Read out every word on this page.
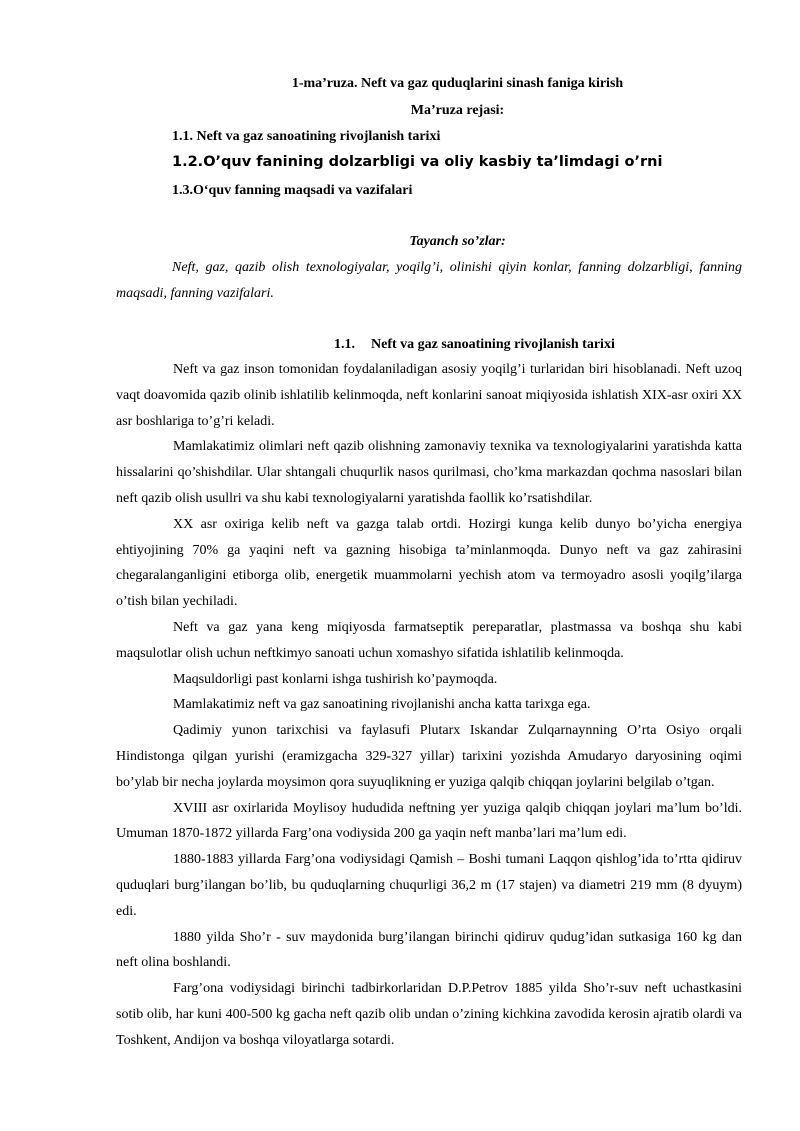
1-ma’ruza. Neft va gaz quduqlarini sinash faniga kirish
Ma’ruza rejasi:
1.1. Neft va gaz sanoatining rivojlanish tarixi
1.2.O’quv fanining dolzarbligi va oliy kasbiy ta’limdagi o’rni
1.3.O‘quv fanning maqsadi va vazifalari
Tayanch so’zlar:
Neft, gaz, qazib olish texnologiyalar, yoqilg’i, olinishi qiyin konlar, fanning dolzarbligi, fanning
maqsadi, fanning vazifalari.
1.1. Neft va gaz sanoatining rivojlanish tarixi

Neft va gaz inson tomonidan foydalaniladigan asosiy yoqilg’i turlaridan biri hisoblanadi. Neft uzoq vaqt doavomida qazib olinib ishlatilib kelinmoqda, neft konlarini sanoat miqiyosida ishlatish XIX-asr oxiri XX asr boshlariga to’g’ri keladi.

Mamlakatimiz olimlari neft qazib olishning zamonaviy texnika va texnologiyalarini yaratishda katta hissalarini qo’shishdilar. Ular shtangali chuqurlik nasos qurilmasi, cho’kma markazdan qochma nasoslari bilan neft qazib olish usullri va shu kabi texnologiyalarni yaratishda faollik ko’rsatishdilar.

XX asr oxiriga kelib neft va gazga talab ortdi. Hozirgi kunga kelib dunyo bo’yicha energiya ehtiyojining 70% ga yaqini neft va gazning hisobiga ta’minlanmoqda. Dunyo neft va gaz zahirasini chegaralanganligini etiborga olib, energetik muammolarni yechish atom va termoyadro asosli yoqilg’ilarga o’tish bilan yechiladi.

Neft va gaz yana keng miqiyosda farmatseptik pereparatlar, plastmassa va boshqa shu kabi maqsulotlar olish uchun neftkimyo sanoati uchun xomashyo sifatida ishlatilib kelinmoqda.

Maqsuldorligi past konlarni ishga tushirish ko’paymoqda.

Mamlakatimiz neft va gaz sanoatining rivojlanishi ancha katta tarixga ega.

Qadimiy yunon tarixchisi va faylasufi Plutarx Iskandar Zulqarnaynning O’rta Osiyo orqali Hindistonga qilgan yurishi (eramizgacha 329-327 yillar) tarixini yozishda Amudaryo daryosining oqimi bo’ylab bir necha joylarda moysimon qora suyuqlikning er yuziga qalqib chiqqan joylarini belgilab o’tgan.

XVIII asr oxirlarida Moylisoy hududida neftning yer yuziga qalqib chiqqan joylari ma’lum bo’ldi. Umuman 1870-1872 yillarda Farg’ona vodiysida 200 ga yaqin neft manba’lari ma’lum edi.

1880-1883 yillarda Farg’ona vodiysidagi Qamish – Boshi tumani Laqqon qishlog’ida to’rtta qidiruv quduqlari burg’ilangan bo’lib, bu quduqlarning chuqurligi 36,2 m (17 stajen) va diametri 219 mm (8 dyuym) edi.

1880 yilda Sho’r - suv maydonida burg’ilangan birinchi qidiruv qudug’idan sutkasiga 160 kg dan neft olina boshlandi.

Farg’ona vodiysidagi birinchi tadbirkorlaridan D.P.Petrov 1885 yilda Sho’r-suv neft uchastkasini sotib olib, har kuni 400-500 kg gacha neft qazib olib undan o’zining kichkina zavodida kerosin ajratib olardi va Toshkent, Andijon va boshqa viloyatlarga sotardi.
